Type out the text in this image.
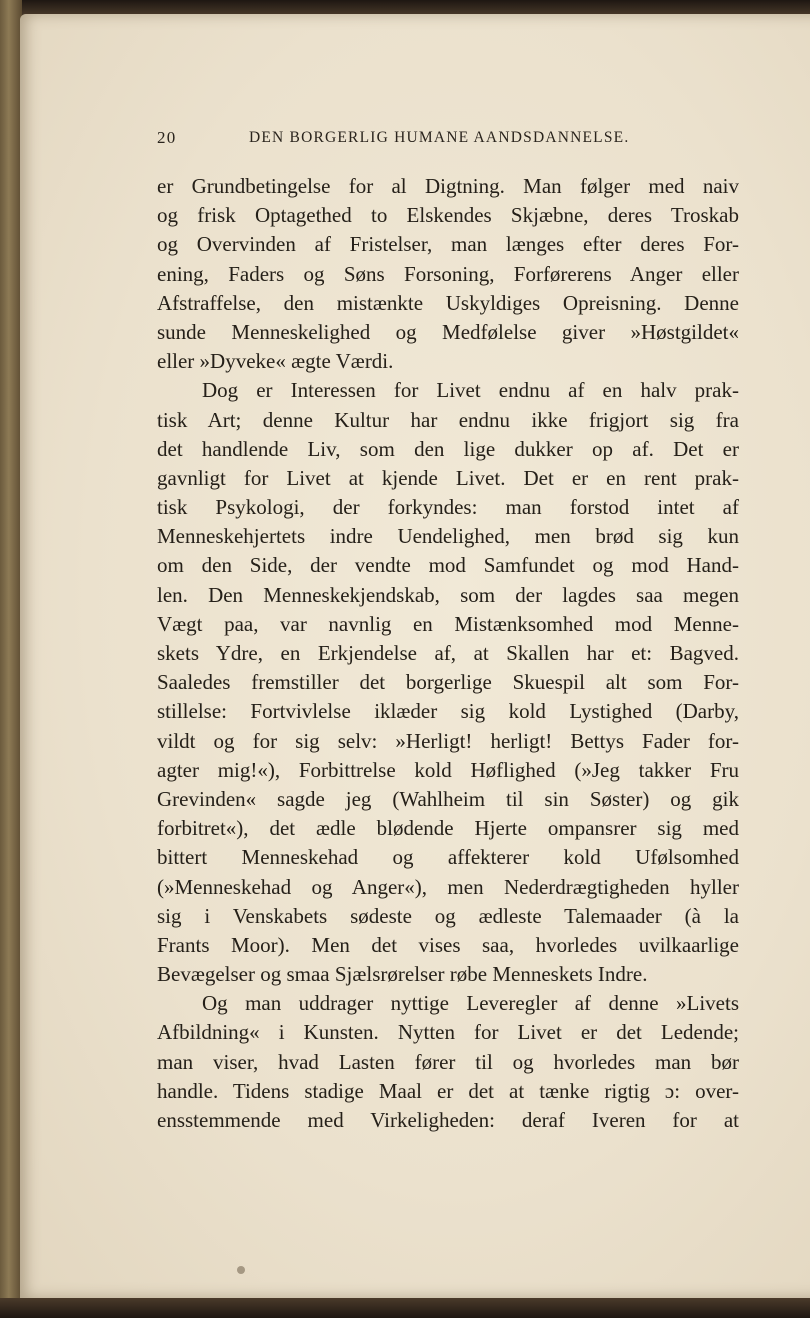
20	DEN BORGERLIG HUMANE AANDSDANNELSE.
er Grundbetingelse for al Digtning. Man følger med naiv
og frisk Optagethed to Elskendes Skjæbne, deres Troskab
og Overvinden af Fristelser, man længes efter deres For-
ening, Faders og Søns Forsoning, Forførerens Anger eller
Afstraffelse, den mistænkte Uskyldiges Opreisning. Denne
sunde Menneskelighed og Medfølelse giver »Høstgildet«
eller »Dyveke« ægte Værdi.
Dog er Interessen for Livet endnu af en halv prak-
tisk Art; denne Kultur har endnu ikke frigjort sig fra
det handlende Liv, som den lige dukker op af. Det er
gavnligt for Livet at kjende Livet. Det er en rent prak-
tisk Psykologi, der forkyndes: man forstod intet af
Menneskehjertets indre Uendelighed, men brød sig kun
om den Side, der vendte mod Samfundet og mod Hand-
len. Den Menneskekjendskab, som der lagdes saa megen
Vægt paa, var navnlig en Mistænksomhed mod Menne-
skets Ydre, en Erkjendelse af, at Skallen har et: Bagved.
Saaledes fremstiller det borgerlige Skuespil alt som For-
stillelse: Fortvivlelse iklæder sig kold Lystighed (Darby,
vildt og for sig selv: »Herligt! herligt! Bettys Fader for-
agter mig!«), Forbittrelse kold Høflighed (»Jeg takker Fru
Grevinden« sagde jeg (Wahlheim til sin Søster) og gik
forbitret«), det ædle blødende Hjerte ompansrer sig med
bittert Menneskehad og affekterer kold Ufølsomhed
(»Menneskehad og Anger«), men Nederdrægtigheden hyller
sig i Venskabets sødeste og ædleste Talemaader (à la
Frants Moor). Men det vises saa, hvorledes uvilkaarlige
Bevægelser og smaa Sjælsrørelser røbe Menneskets Indre.
Og man uddrager nyttige Leveregler af denne »Livets
Afbildning« i Kunsten. Nytten for Livet er det Ledende;
man viser, hvad Lasten fører til og hvorledes man bør
handle. Tidens stadige Maal er det at tænke rigtig ɔ: over-
ensstemmende med Virkeligheden: deraf Iveren for at
